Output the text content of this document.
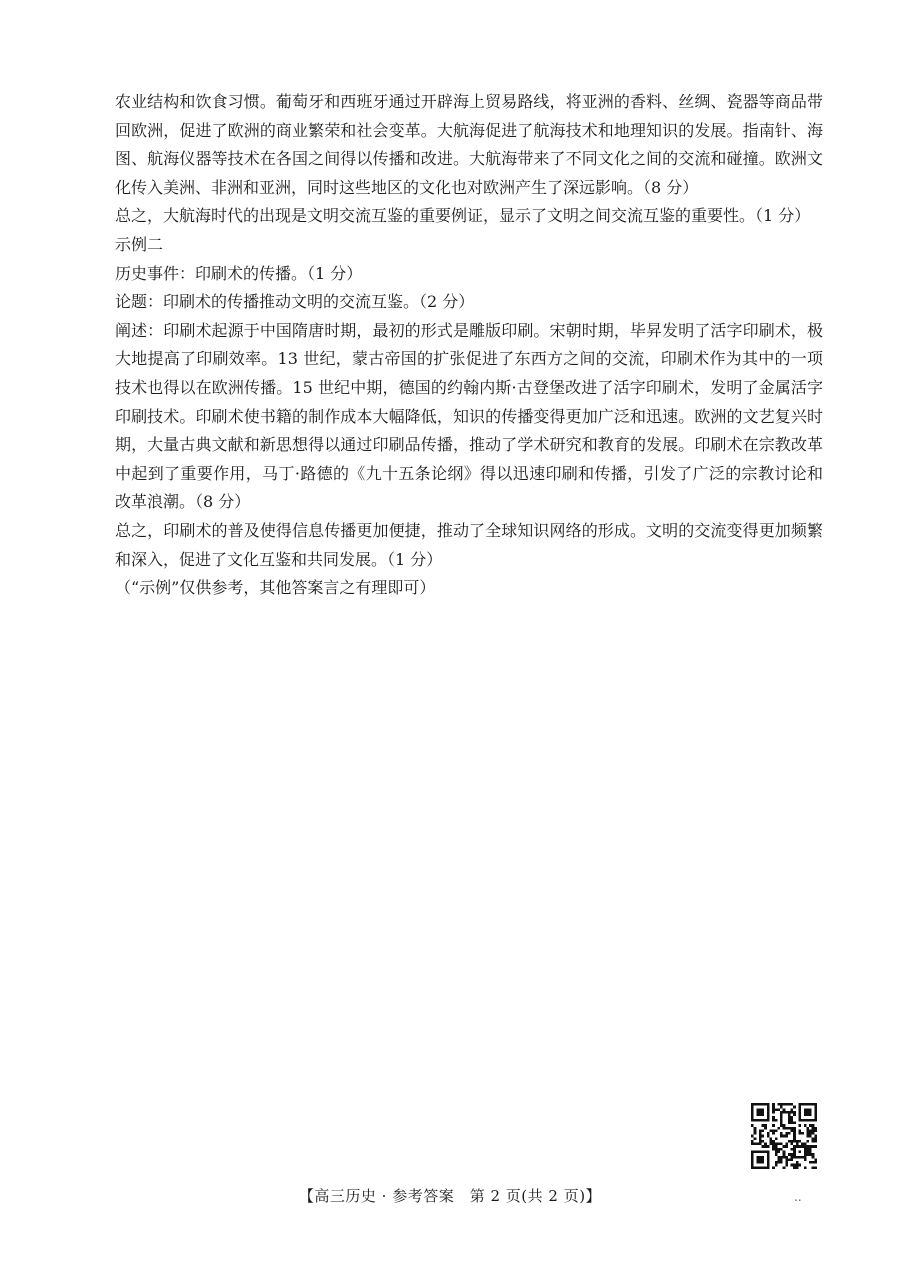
农业结构和饮食习惯。葡萄牙和西班牙通过开辟海上贸易路线，将亚洲的香料、丝绸、瓷器等商品带回欧洲，促进了欧洲的商业繁荣和社会变革。大航海促进了航海技术和地理知识的发展。指南针、海图、航海仪器等技术在各国之间得以传播和改进。大航海带来了不同文化之间的交流和碰撞。欧洲文化传入美洲、非洲和亚洲，同时这些地区的文化也对欧洲产生了深远影响。（8 分）

总之，大航海时代的出现是文明交流互鉴的重要例证，显示了文明之间交流互鉴的重要性。（1 分）

示例二

历史事件：印刷术的传播。（1 分）

论题：印刷术的传播推动文明的交流互鉴。（2 分）

阐述：印刷术起源于中国隋唐时期，最初的形式是雕版印刷。宋朝时期，毕昇发明了活字印刷术，极大地提高了印刷效率。13 世纪，蒙古帝国的扩张促进了东西方之间的交流，印刷术作为其中的一项技术也得以在欧洲传播。15 世纪中期，德国的约翰内斯·古登堡改进了活字印刷术，发明了金属活字印刷技术。印刷术使书籍的制作成本大幅降低，知识的传播变得更加广泛和迅速。欧洲的文艺复兴时期，大量古典文献和新思想得以通过印刷品传播，推动了学术研究和教育的发展。印刷术在宗教改革中起到了重要作用，马丁·路德的《九十五条论纲》得以迅速印刷和传播，引发了广泛的宗教讨论和改革浪潮。（8 分）

总之，印刷术的普及使得信息传播更加便捷，推动了全球知识网络的形成。文明的交流变得更加频繁和深入，促进了文化互鉴和共同发展。（1 分）

（“示例”仅供参考，其他答案言之有理即可）

【高三历史 · 参考答案　第 2 页(共 2 页)】	..
